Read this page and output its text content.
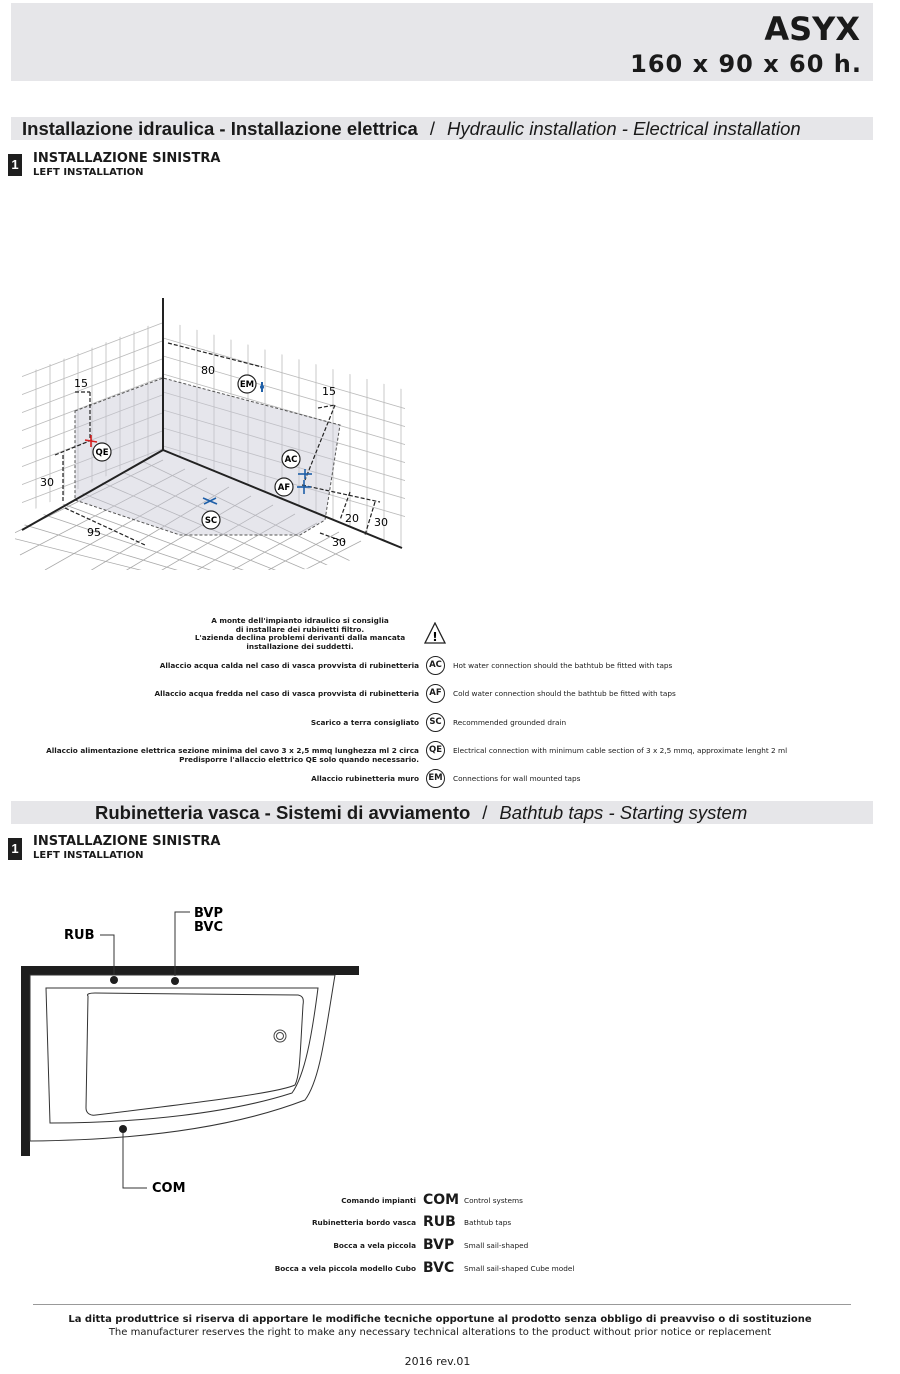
ASYX
160 x 90 x 60 h.
Installazione idraulica - Installazione elettrica / Hydraulic installation - Electrical installation
1 INSTALLAZIONE SINISTRA
LEFT INSTALLATION
EM
QE
AC
AF
SC
80
15
15
30
95
20 30
30
A monte dell'impianto idraulico si consiglia
di installare dei rubinetti filtro.
L'azienda declina problemi derivanti dalla mancata
installazione dei suddetti.
!
Allaccio acqua calda nel caso di vasca provvista di rubinetteria	AC	Hot water connection should the bathtub be fitted with taps
Allaccio acqua fredda nel caso di vasca provvista di rubinetteria	AF	Cold water connection should the bathtub be fitted with taps
Scarico a terra consigliato	SC	Recommended grounded drain
Allaccio alimentazione elettrica sezione minima del cavo 3 x 2,5 mmq lunghezza ml 2 circa
Predisporre l'allaccio elettrico QE solo quando necessario.
QE	Electrical connection with minimum cable section of 3 x 2,5 mmq, approximate lenght 2 ml
Allaccio rubinetteria muro EM	Connections for wall mounted taps
Rubinetteria vasca - Sistemi di avviamento / Bathtub taps - Starting system
1 INSTALLAZIONE SINISTRA
LEFT INSTALLATION
RUB
BVP
BVC
COM
Comando impianti COM Control systems
Rubinetteria bordo vasca RUB Bathtub taps
Bocca a vela piccola BVP Small sail-shaped
Bocca a vela piccola modello Cubo BVC Small sail-shaped Cube model
La ditta produttrice si riserva di apportare le modifiche tecniche opportune al prodotto senza obbligo di preavviso o di sostituzione
The manufacturer reserves the right to make any necessary technical alterations to the product without prior notice or replacement
2016 rev.01
